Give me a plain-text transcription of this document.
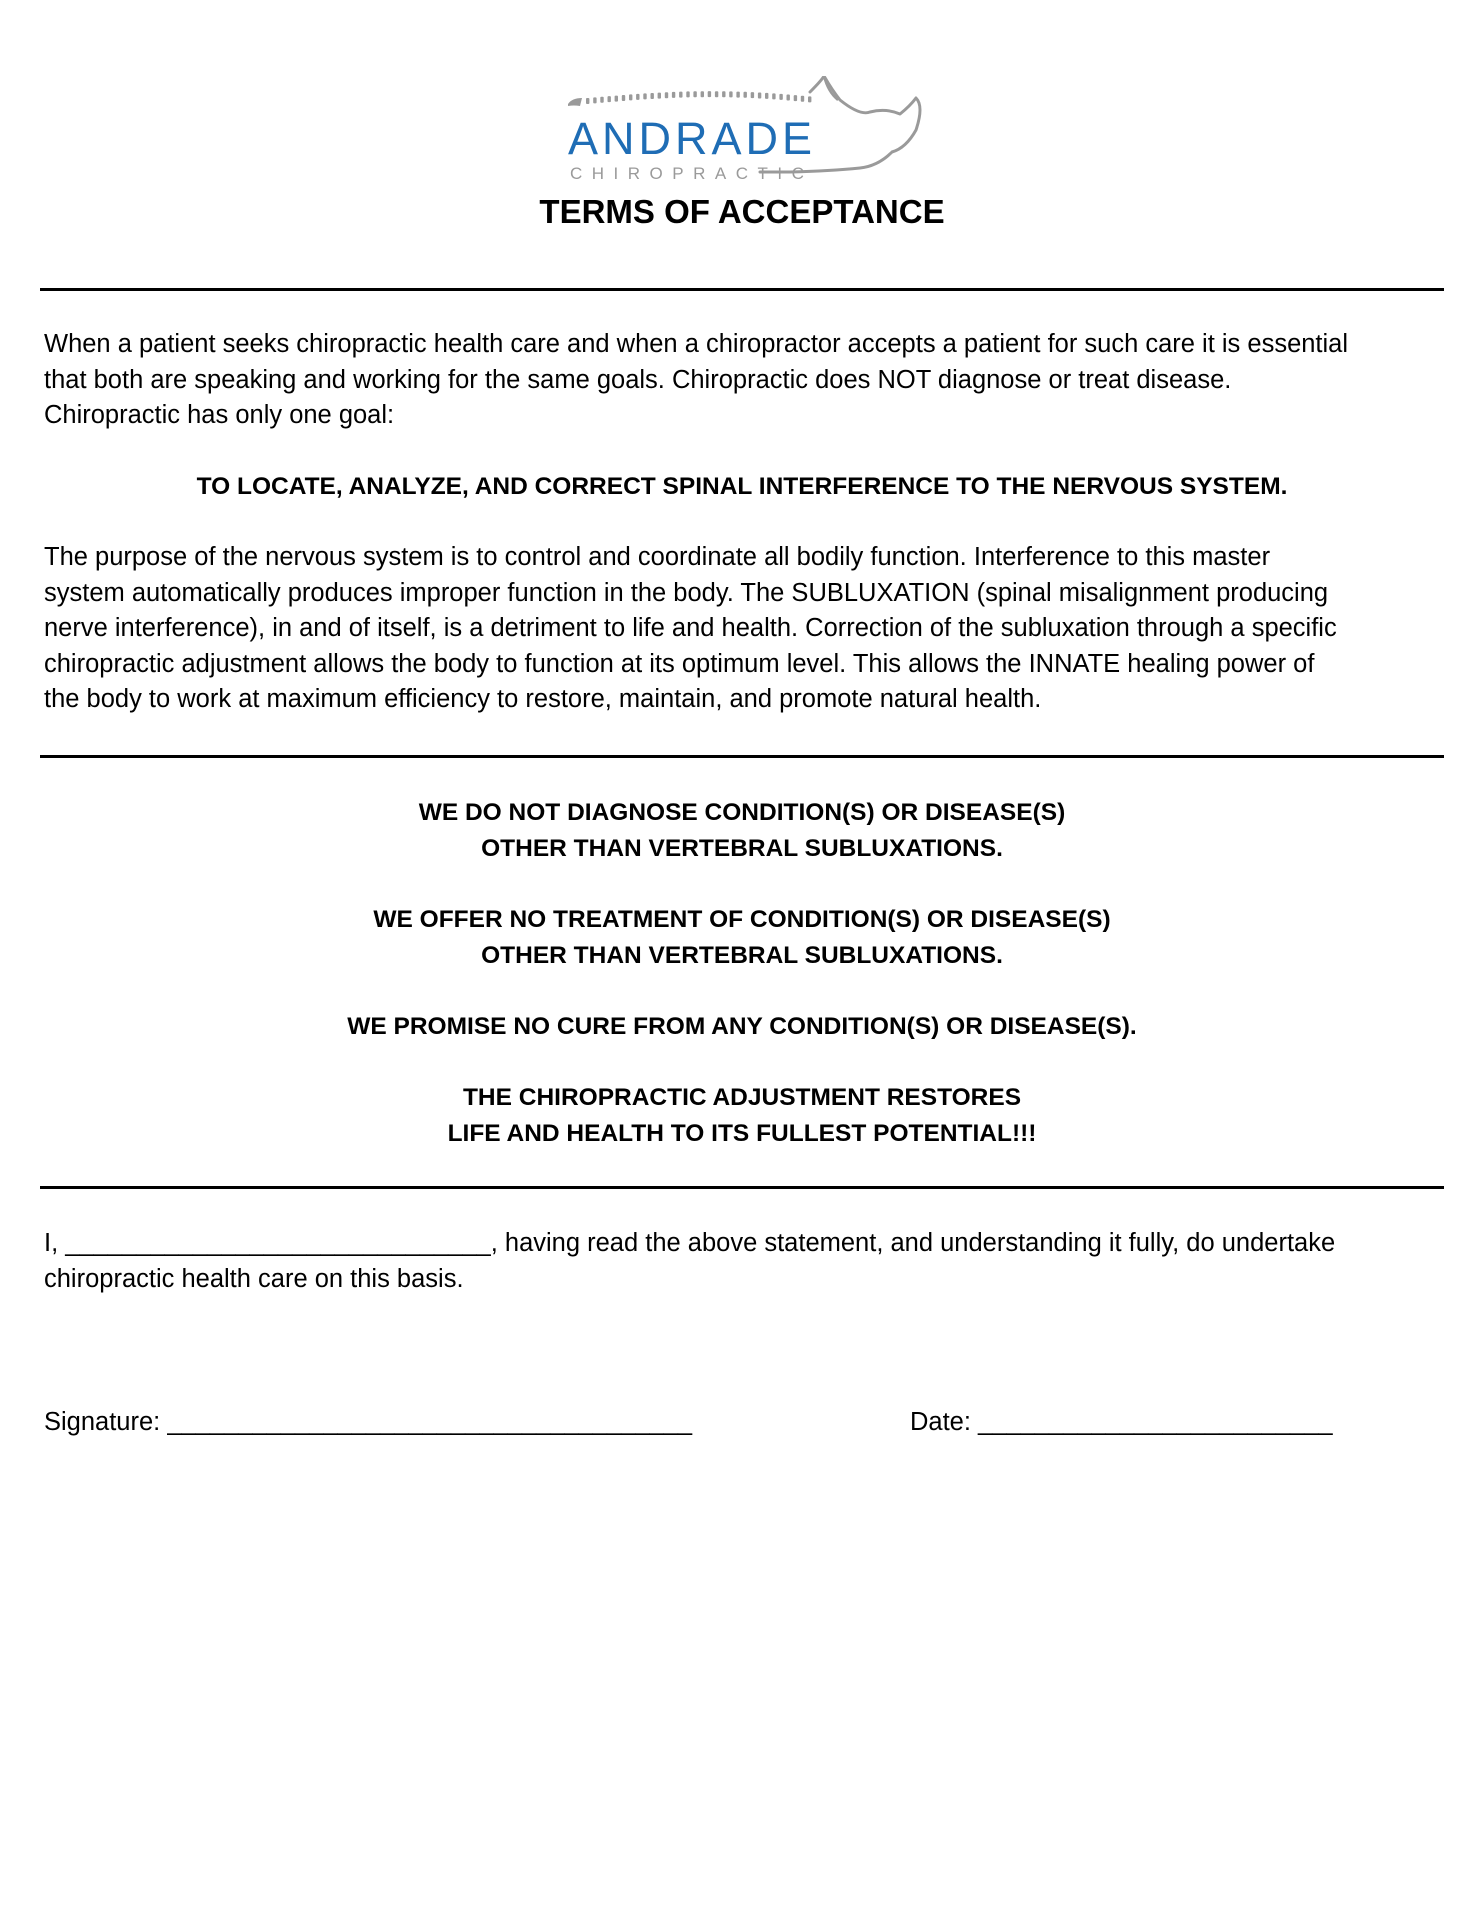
ANDRADE
CHIROPRACTIC
TERMS OF ACCEPTANCE

When a patient seeks chiropractic health care and when a chiropractor accepts a patient for such care it is essential

that both are speaking and working for the same goals. Chiropractic does NOT diagnose or treat disease.

Chiropractic has only one goal:

TO LOCATE, ANALYZE, AND CORRECT SPINAL INTERFERENCE TO THE NERVOUS SYSTEM.

The purpose of the nervous system is to control and coordinate all bodily function. Interference to this master

system automatically produces improper function in the body. The SUBLUXATION (spinal misalignment producing

nerve interference), in and of itself, is a detriment to life and health. Correction of the subluxation through a specific

chiropractic adjustment allows the body to function at its optimum level. This allows the INNATE healing power of

the body to work at maximum efficiency to restore, maintain, and promote natural health.

WE DO NOT DIAGNOSE CONDITION(S) OR DISEASE(S)

OTHER THAN VERTEBRAL SUBLUXATIONS.

WE OFFER NO TREATMENT OF CONDITION(S) OR DISEASE(S)

OTHER THAN VERTEBRAL SUBLUXATIONS.

WE PROMISE NO CURE FROM ANY CONDITION(S) OR DISEASE(S).

THE CHIROPRACTIC ADJUSTMENT RESTORES

LIFE AND HEALTH TO ITS FULLEST POTENTIAL!!!

I, ______________________________, having read the above statement, and understanding it fully, do undertake

chiropractic health care on this basis.

Signature: _____________________________________	Date: _________________________
